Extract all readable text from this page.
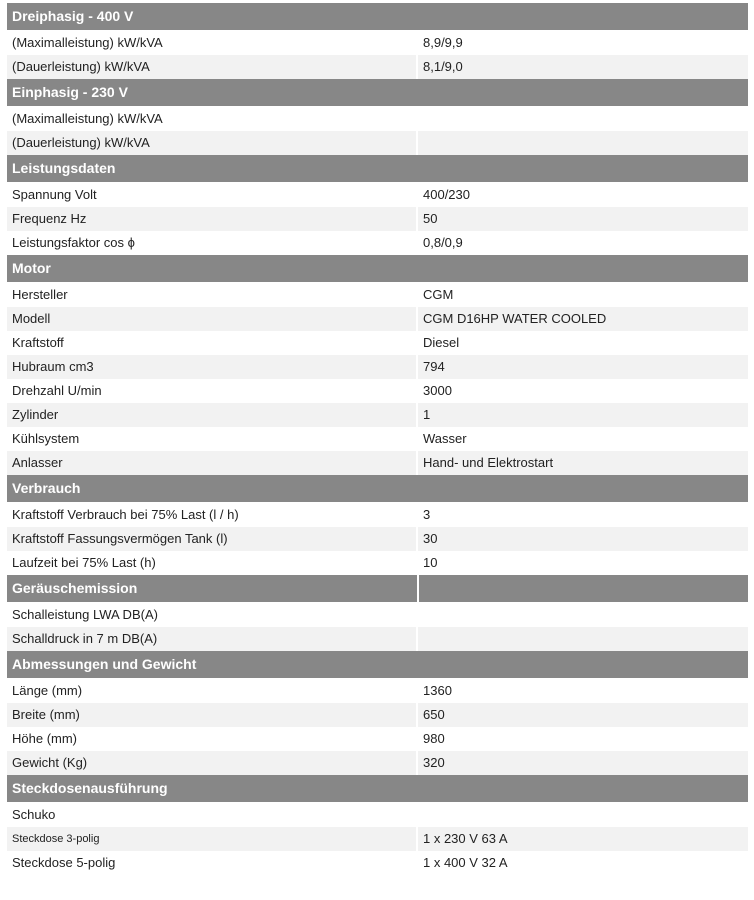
Dreiphasig - 400 V
(Maximalleistung) kW/kVA	8,9/9,9
(Dauerleistung) kW/kVA	8,1/9,0
Einphasig - 230 V
(Maximalleistung) kW/kVA
(Dauerleistung) kW/kVA
Leistungsdaten
Spannung Volt	400/230
Frequenz Hz	50
Leistungsfaktor cos ϕ	0,8/0,9
Motor
Hersteller	CGM
Modell	CGM D16HP WATER COOLED
Kraftstoff	Diesel
Hubraum cm3	794
Drehzahl U/min	3000
Zylinder	1
Kühlsystem	Wasser
Anlasser	Hand- und Elektrostart
Verbrauch
Kraftstoff Verbrauch bei 75% Last (l / h)	3
Kraftstoff Fassungsvermögen Tank (l)	30
Laufzeit bei 75% Last (h)	10
Geräuschemission
Schalleistung LWA DB(A)
Schalldruck in 7 m DB(A)
Abmessungen und Gewicht
Länge (mm)	1360
Breite (mm)	650
Höhe (mm)	980
Gewicht (Kg)	320
Steckdosenausführung
Schuko
Steckdose 3-polig	1 x 230 V 63 A
Steckdose 5-polig	1 x 400 V 32 A
